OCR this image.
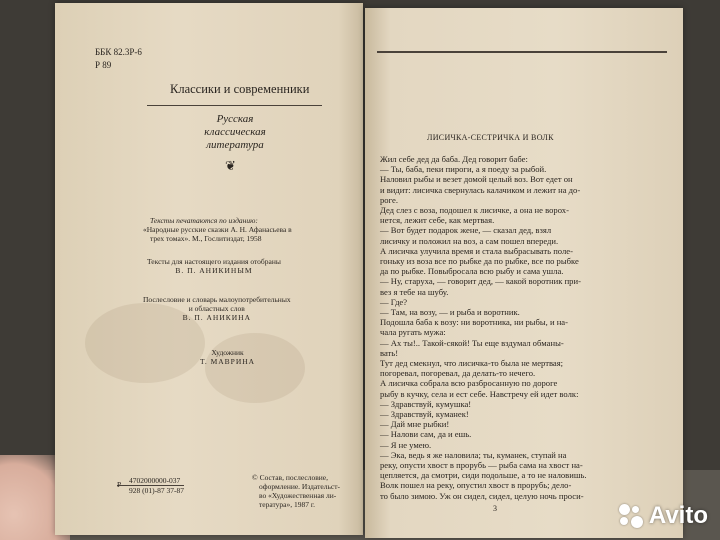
ББК 82.3Р-6

Р 89

Классики и современники

Русская
классическая
литература
❦
Тексты печатаются по изданию:
«Народные русские сказки А. Н. Афанасьева в
трех томах». М., Гослитиздат, 1958
Тексты для настоящего издания отобраны
В. П. АНИКИНЫМ
Послесловие и словарь малоупотребительных
и областных слов
В. П. АНИКИНА
Художник
Т. МАВРИНА
4702000000-037
Р
928 (01)-87 37-87
© Состав, послесловие,
оформление. Издательст-
во «Художественная ли-
тература», 1987 г.

ЛИСИЧКА-СЕСТРИЧКА И ВОЛК

Жил себе дед да баба. Дед говорит бабе:
— Ты, баба, пеки пироги, а я поеду за рыбой.
Наловил рыбы и везет домой целый воз. Вот едет он
и видит: лисичка свернулась калачиком и лежит на до-
роге.
Дед слез с воза, подошел к лисичке, а она не ворох-
нется, лежит себе, как мертвая.
— Вот будет подарок жене, — сказал дед, взял
лисичку и положил на воз, а сам пошел впереди.
А лисичка улучила время и стала выбрасывать поле-
гоньку из воза все по рыбке да по рыбке, все по рыбке
да по рыбке. Повыбросала всю рыбу и сама ушла.
— Ну, старуха, — говорит дед, — какой воротник при-
вез я тебе на шубу.
— Где?
— Там, на возу, — и рыба и воротник.
Подошла баба к возу: ни воротника, ни рыбы, и на-
чала ругать мужа:
— Ах ты!.. Такой-сякой! Ты еще вздумал обманы-
вать!
Тут дед смекнул, что лисичка-то была не мертвая;
погоревал, погоревал, да делать-то нечего.
А лисичка собрала всю разбросанную по дороге
рыбу в кучку, села и ест себе. Навстречу ей идет волк:
— Здравствуй, кумушка!
— Здравствуй, куманек!
— Дай мне рыбки!
— Налови сам, да и ешь.
— Я не умею.
— Эка, ведь я же наловила; ты, куманек, ступай на
реку, опусти хвост в прорубь — рыба сама на хвост на-
цепляется, да смотри, сиди подольше, а то не наловишь.
Волк пошел на реку, опустил хвост в прорубь; дело-
то было зимою. Уж он сидел, сидел, целую ночь проси-

3	Avito
